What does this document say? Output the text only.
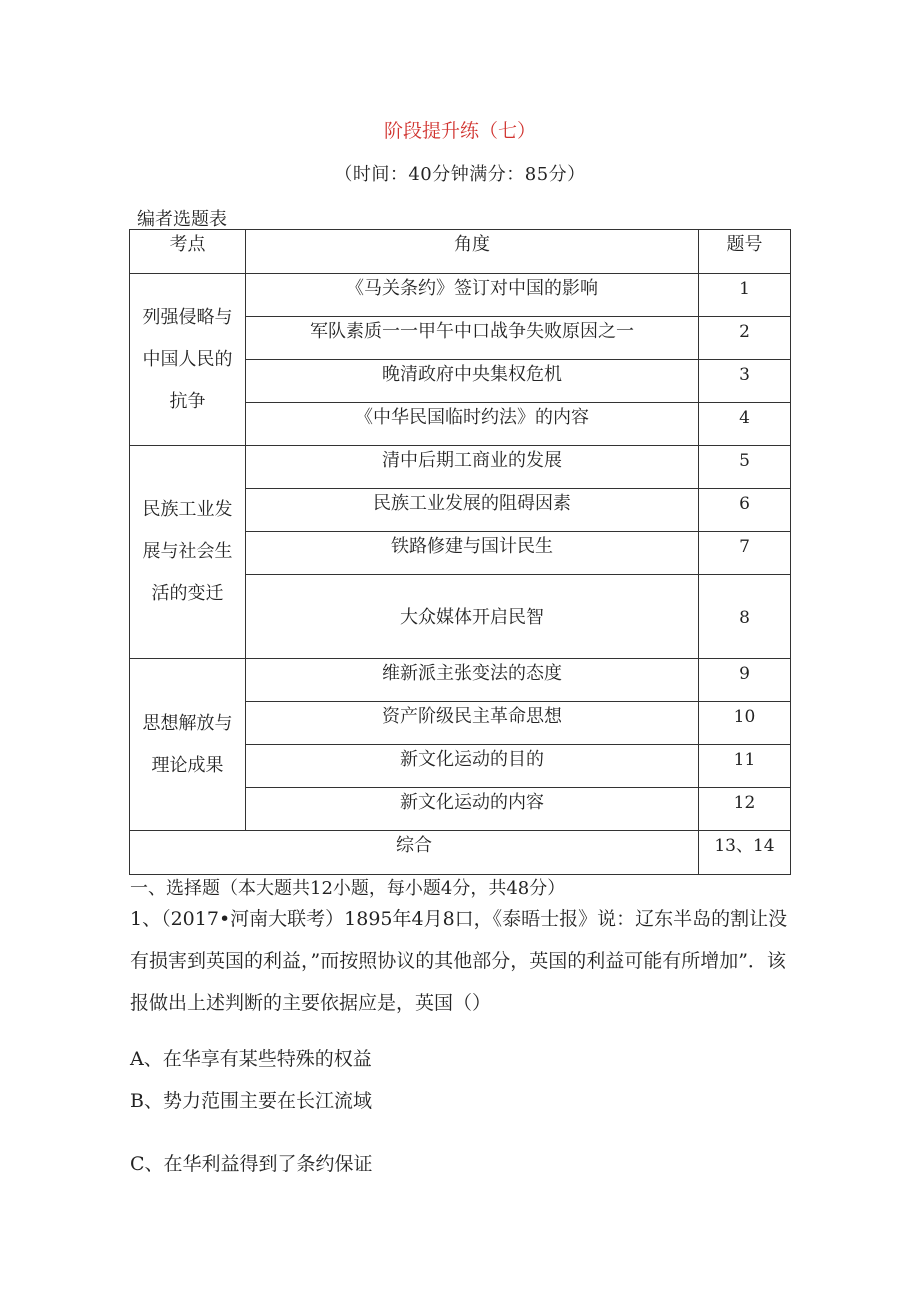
阶段提升练（七）
（时间：40分钟满分：85分）
编者选题表
考点	角度	题号
列强侵略与中国人民的抗争	《马关条约》签订对中国的影响	1
	军队素质一一甲午中口战争失败原因之一	2
	晚清政府中央集权危机	3
	《中华民国临时约法》的内容	4
民族工业发展与社会生活的变迁	清中后期工商业的发展	5
	民族工业发展的阻碍因素	6
	铁路修建与国计民生	7
	大众媒体开启民智	8
思想解放与理论成果	维新派主张变法的态度	9
	资产阶级民主革命思想	10
	新文化运动的目的	11
	新文化运动的内容	12
综合		13、14
一、选择题（本大题共12小题，每小题4分，共48分）
1、（2017•河南大联考）1895年4月8口，《泰晤士报》说：辽东半岛的割让没有损害到英国的利益，”而按照协议的其他部分，英国的利益可能有所增加”．该报做出上述判断的主要依据应是，英国（）
A、在华享有某些特殊的权益
B、势力范围主要在长江流域
C、在华利益得到了条约保证
